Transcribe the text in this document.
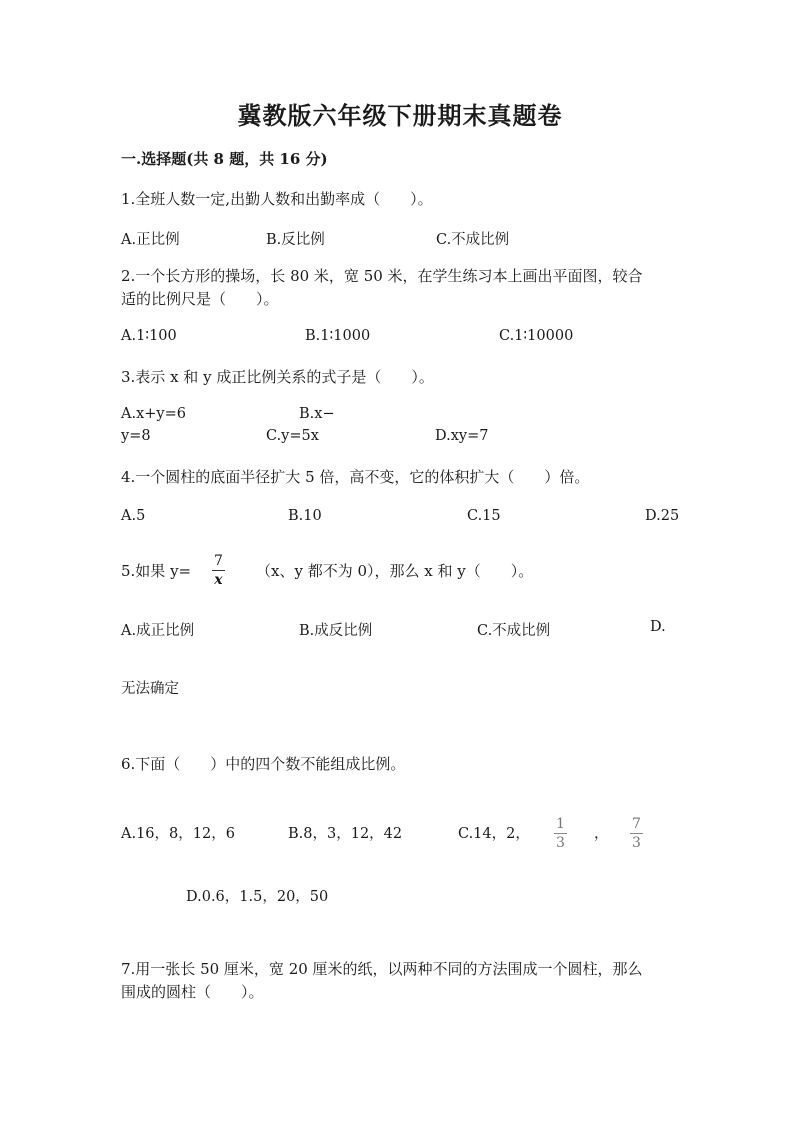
冀教版六年级下册期末真题卷
一.选择题(共 8 题，共 16 分)
1.全班人数一定,出勤人数和出勤率成（　　）。
A.正比例	B.反比例	C.不成比例
2.一个长方形的操场，长 80 米，宽 50 米，在学生练习本上画出平面图，较合
适的比例尺是（　　）。
A.1∶100	B.1∶1000	C.1∶10000
3.表示 x 和 y 成正比例关系的式子是（　　）。
A.x+y=6	B.x−
y=8	C.y=5x	D.xy=7
4.一个圆柱的底面半径扩大 5 倍，高不变，它的体积扩大（　　）倍。
A.5	B.10	C.15	D.25
5.如果 y=
7
x （x、y 都不为 0），那么 x 和 y（　　）。
A.成正比例	B.成反比例	C.不成比例	D.
无法确定
6.下面（　　）中的四个数不能组成比例。
A.16，8，12，6	B.8，3，12，42	C.14，2，
1
3
，
7
3
D.0.6，1.5，20，50
7.用一张长 50 厘米，宽 20 厘米的纸，以两种不同的方法围成一个圆柱，那么
围成的圆柱（　　）。
